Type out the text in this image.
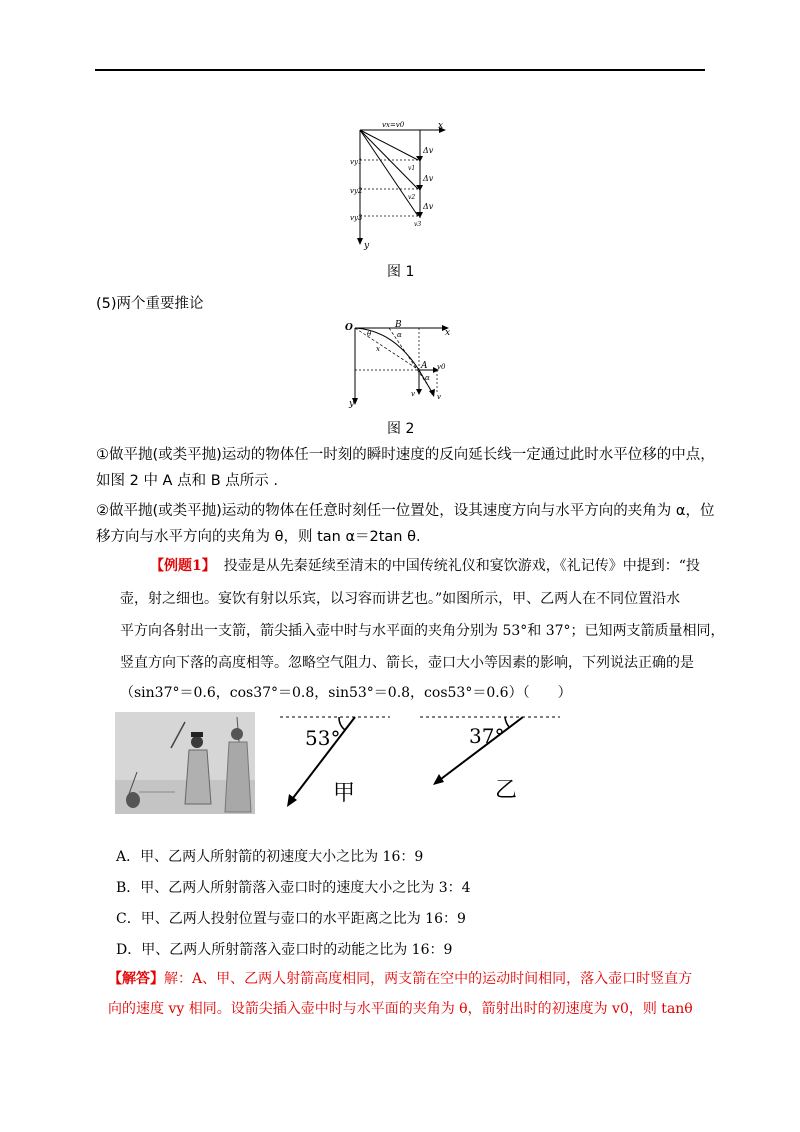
vx=v0	x
y
vy1
vy2
vy3
Δv
Δv
Δv
v1
v2
v3
图 1
(5)两个重要推论
O	B
A
x
y
θ	α
α
x
v0
v	v
图 2
①做平抛(或类平抛)运动的物体任一时刻的瞬时速度的反向延长线一定通过此时水平位移的中点，
如图 2 中 A 点和 B 点所示 .
②做平抛(或类平抛)运动的物体在任意时刻任一位置处，设其速度方向与水平方向的夹角为 α，位
移方向与水平方向的夹角为 θ，则 tan α＝2tan θ.
【例题1】 投壶是从先秦延续至清末的中国传统礼仪和宴饮游戏，《礼记传》中提到：“投
壶，射之细也。宴饮有射以乐宾，以习容而讲艺也。”如图所示，甲、乙两人在不同位置沿水
平方向各射出一支箭，箭尖插入壶中时与水平面的夹角分别为 53°和 37°；已知两支箭质量相同，
竖直方向下落的高度相等。忽略空气阻力、箭长，壶口大小等因素的影响，下列说法正确的是
（sin37°＝0.6，cos37°＝0.8，sin53°＝0.8，cos53°＝0.6）（　　）
53°
甲
37°
乙
A．甲、乙两人所射箭的初速度大小之比为 16：9
B．甲、乙两人所射箭落入壶口时的速度大小之比为 3：4
C．甲、乙两人投射位置与壶口的水平距离之比为 16：9
D．甲、乙两人所射箭落入壶口时的动能之比为 16：9
【解答】解：A、甲、乙两人射箭高度相同，两支箭在空中的运动时间相同，落入壶口时竖直方
向的速度 vy 相同。设箭尖插入壶中时与水平面的夹角为 θ，箭射出时的初速度为 v0，则 tanθ
